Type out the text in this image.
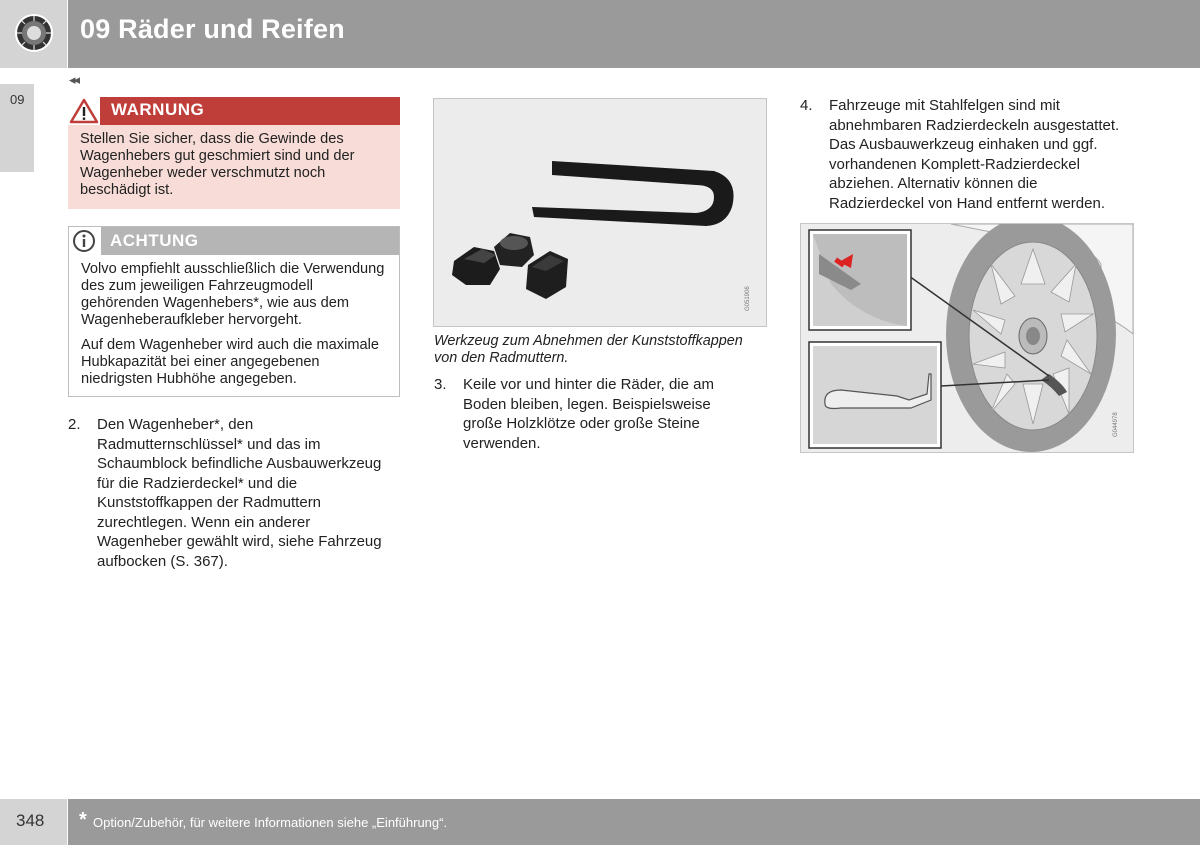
09 Räder und Reifen
09
◂◂
WARNUNG
Stellen Sie sicher, dass die Gewinde des Wagenhebers gut geschmiert sind und der Wagenheber weder verschmutzt noch beschädigt ist.
ACHTUNG

Volvo empfiehlt ausschließlich die Verwendung des zum jeweiligen Fahrzeugmodell gehörenden Wagenhebers*, wie aus dem Wagenheberaufkleber hervorgeht.

Auf dem Wagenheber wird auch die maximale Hubkapazität bei einer angegebenen niedrigsten Hubhöhe angegeben.

2. Den Wagenheber*, den Radmutternschlüssel* und das im Schaumblock befindliche Ausbauwerkzeug für die Radzierdeckel* und die Kunststoffkappen der Radmuttern zurechtlegen. Wenn ein anderer Wagenheber gewählt wird, siehe Fahrzeug aufbocken (S. 367).
G051906
Werkzeug zum Abnehmen der Kunststoffkappen von den Radmuttern.
3. Keile vor und hinter die Räder, die am Boden bleiben, legen. Beispielsweise große Holzklötze oder große Steine verwenden.
4. Fahrzeuge mit Stahlfelgen sind mit abnehmbaren Radzierdeckeln ausgestattet. Das Ausbauwerkzeug einhaken und ggf. vorhandenen Komplett-Radzierdeckel abziehen. Alternativ können die Radzierdeckel von Hand entfernt werden.
G044978
348 * Option/Zubehör, für weitere Informationen siehe „Einführung“.
